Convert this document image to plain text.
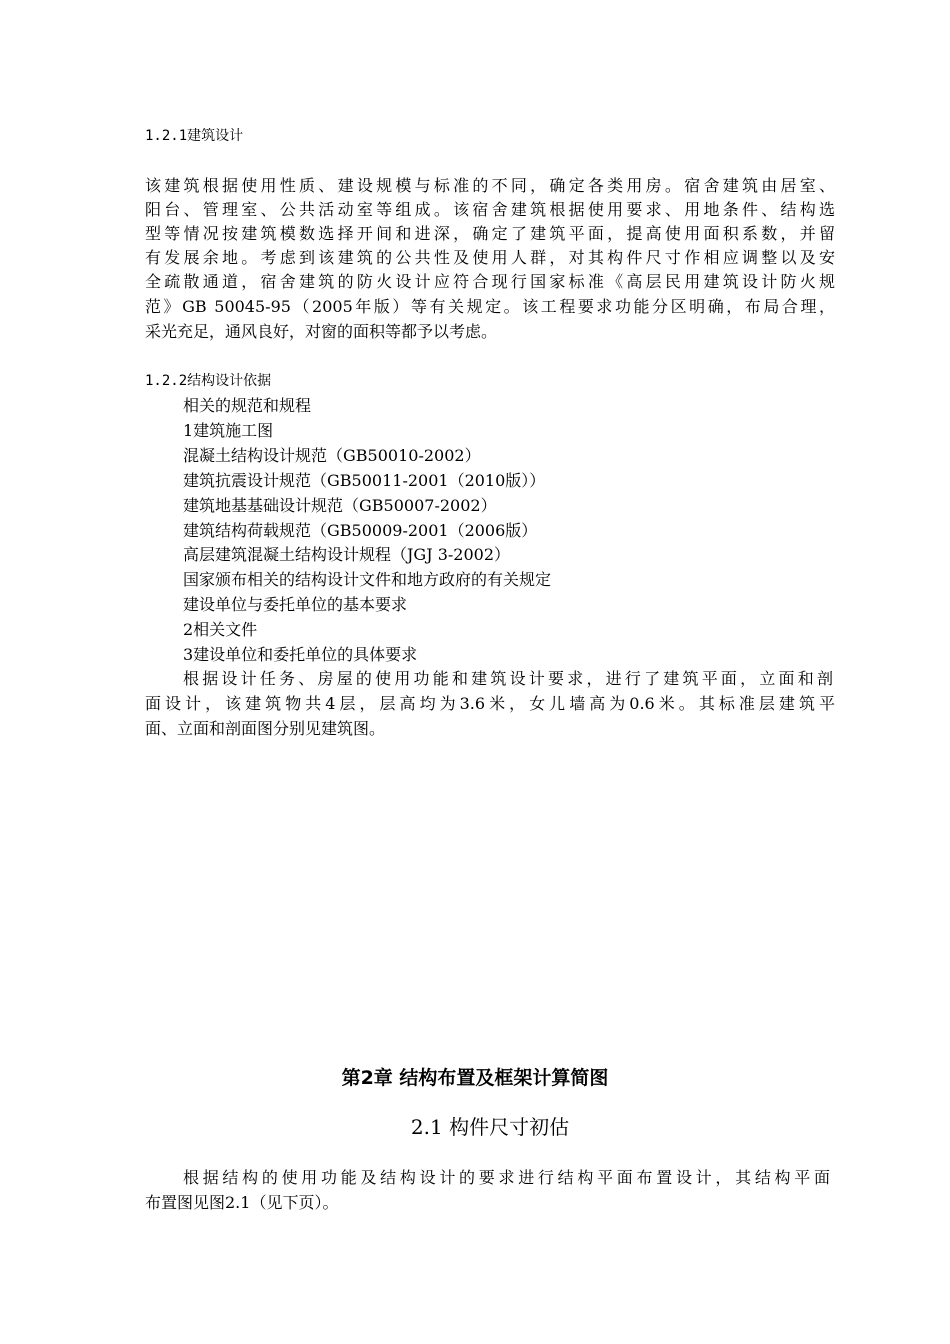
1.2.1建筑设计
该建筑根据使用性质、建设规模与标准的不同，确定各类用房。宿舍建筑由居室、
阳台、管理室、公共活动室等组成。该宿舍建筑根据使用要求、用地条件、结构选
型等情况按建筑模数选择开间和进深，确定了建筑平面，提高使用面积系数，并留
有发展余地。考虑到该建筑的公共性及使用人群，对其构件尺寸作相应调整以及安
全疏散通道，宿舍建筑的防火设计应符合现行国家标准《高层民用建筑设计防火规
范》GB 50045-95（2005年版）等有关规定。该工程要求功能分区明确，布局合理，
采光充足，通风良好，对窗的面积等都予以考虑。
1.2.2结构设计依据
相关的规范和规程
1建筑施工图
混凝土结构设计规范（GB50010-2002）
建筑抗震设计规范（GB50011-2001（2010版））
建筑地基基础设计规范（GB50007-2002）
建筑结构荷载规范（GB50009-2001（2006版）
高层建筑混凝土结构设计规程（JGJ 3-2002）
国家颁布相关的结构设计文件和地方政府的有关规定
建设单位与委托单位的基本要求
2相关文件
3建设单位和委托单位的具体要求
根据设计任务、房屋的使用功能和建筑设计要求，进行了建筑平面，立面和剖
面设计，该建筑物共4层，层高均为3.6米，女儿墙高为0.6米。其标准层建筑平
面、立面和剖面图分别见建筑图。
第2章 结构布置及框架计算简图
2.1 构件尺寸初估
根据结构的使用功能及结构设计的要求进行结构平面布置设计，其结构平面
布置图见图2.1（见下页）。
